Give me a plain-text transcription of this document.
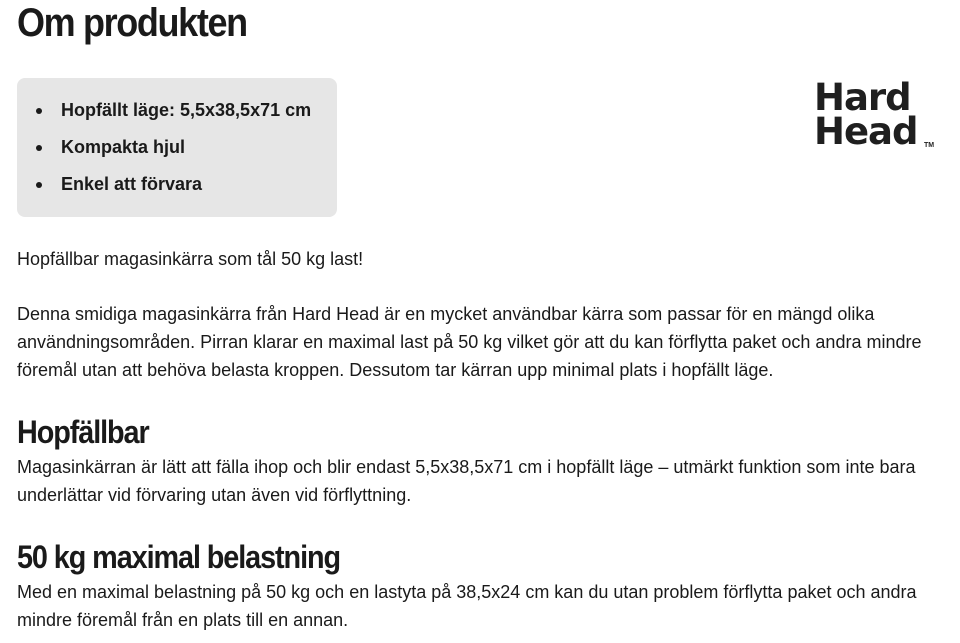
Om produkten
Hopfällt läge: 5,5x38,5x71 cm
Kompakta hjul
Enkel att förvara
Hard
Head TM

Hopfällbar magasinkärra som tål 50 kg last!

Denna smidiga magasinkärra från Hard Head är en mycket användbar kärra som passar för en mängd olika användningsområden. Pirran klarar en maximal last på 50 kg vilket gör att du kan förflytta paket och andra mindre föremål utan att behöva belasta kroppen. Dessutom tar kärran upp minimal plats i hopfällt läge.

Hopfällbar

Magasinkärran är lätt att fälla ihop och blir endast 5,5x38,5x71 cm i hopfällt läge – utmärkt funktion som inte bara underlättar vid förvaring utan även vid förflyttning.

50 kg maximal belastning

Med en maximal belastning på 50 kg och en lastyta på 38,5x24 cm kan du utan problem förflytta paket och andra mindre föremål från en plats till en annan.
